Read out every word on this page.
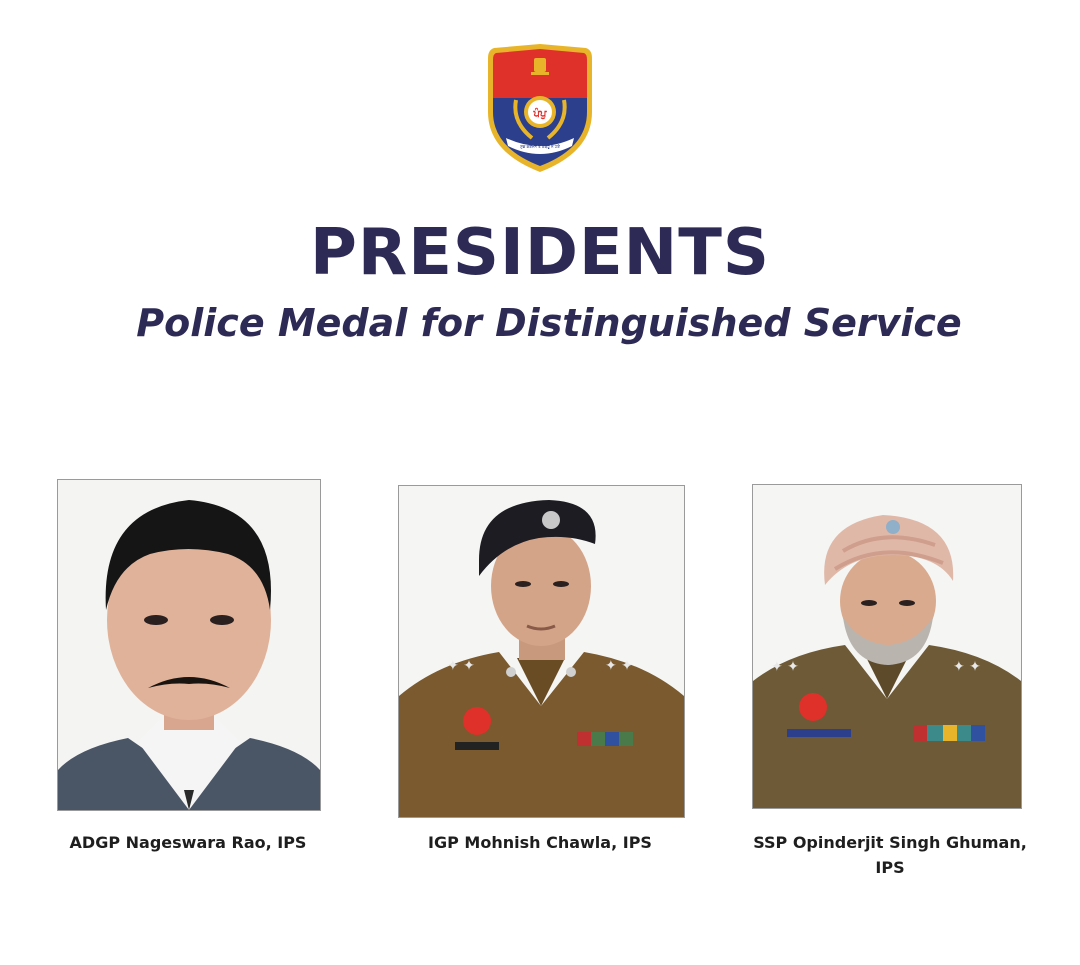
ਪੰਪੁ
ਸ਼ੁਭ ਕਰਮਨ ਤੇ ਕਬਹੂੰ ਨ ਟਰੋਂ
PRESIDENTS
Police Medal for Distinguished Service
ADGP Nageswara Rao, IPS
✦ ✦	✦ ✦
IGP Mohnish Chawla, IPS
✦ ✦	✦ ✦
SSP Opinderjit Singh Ghuman,
IPS
